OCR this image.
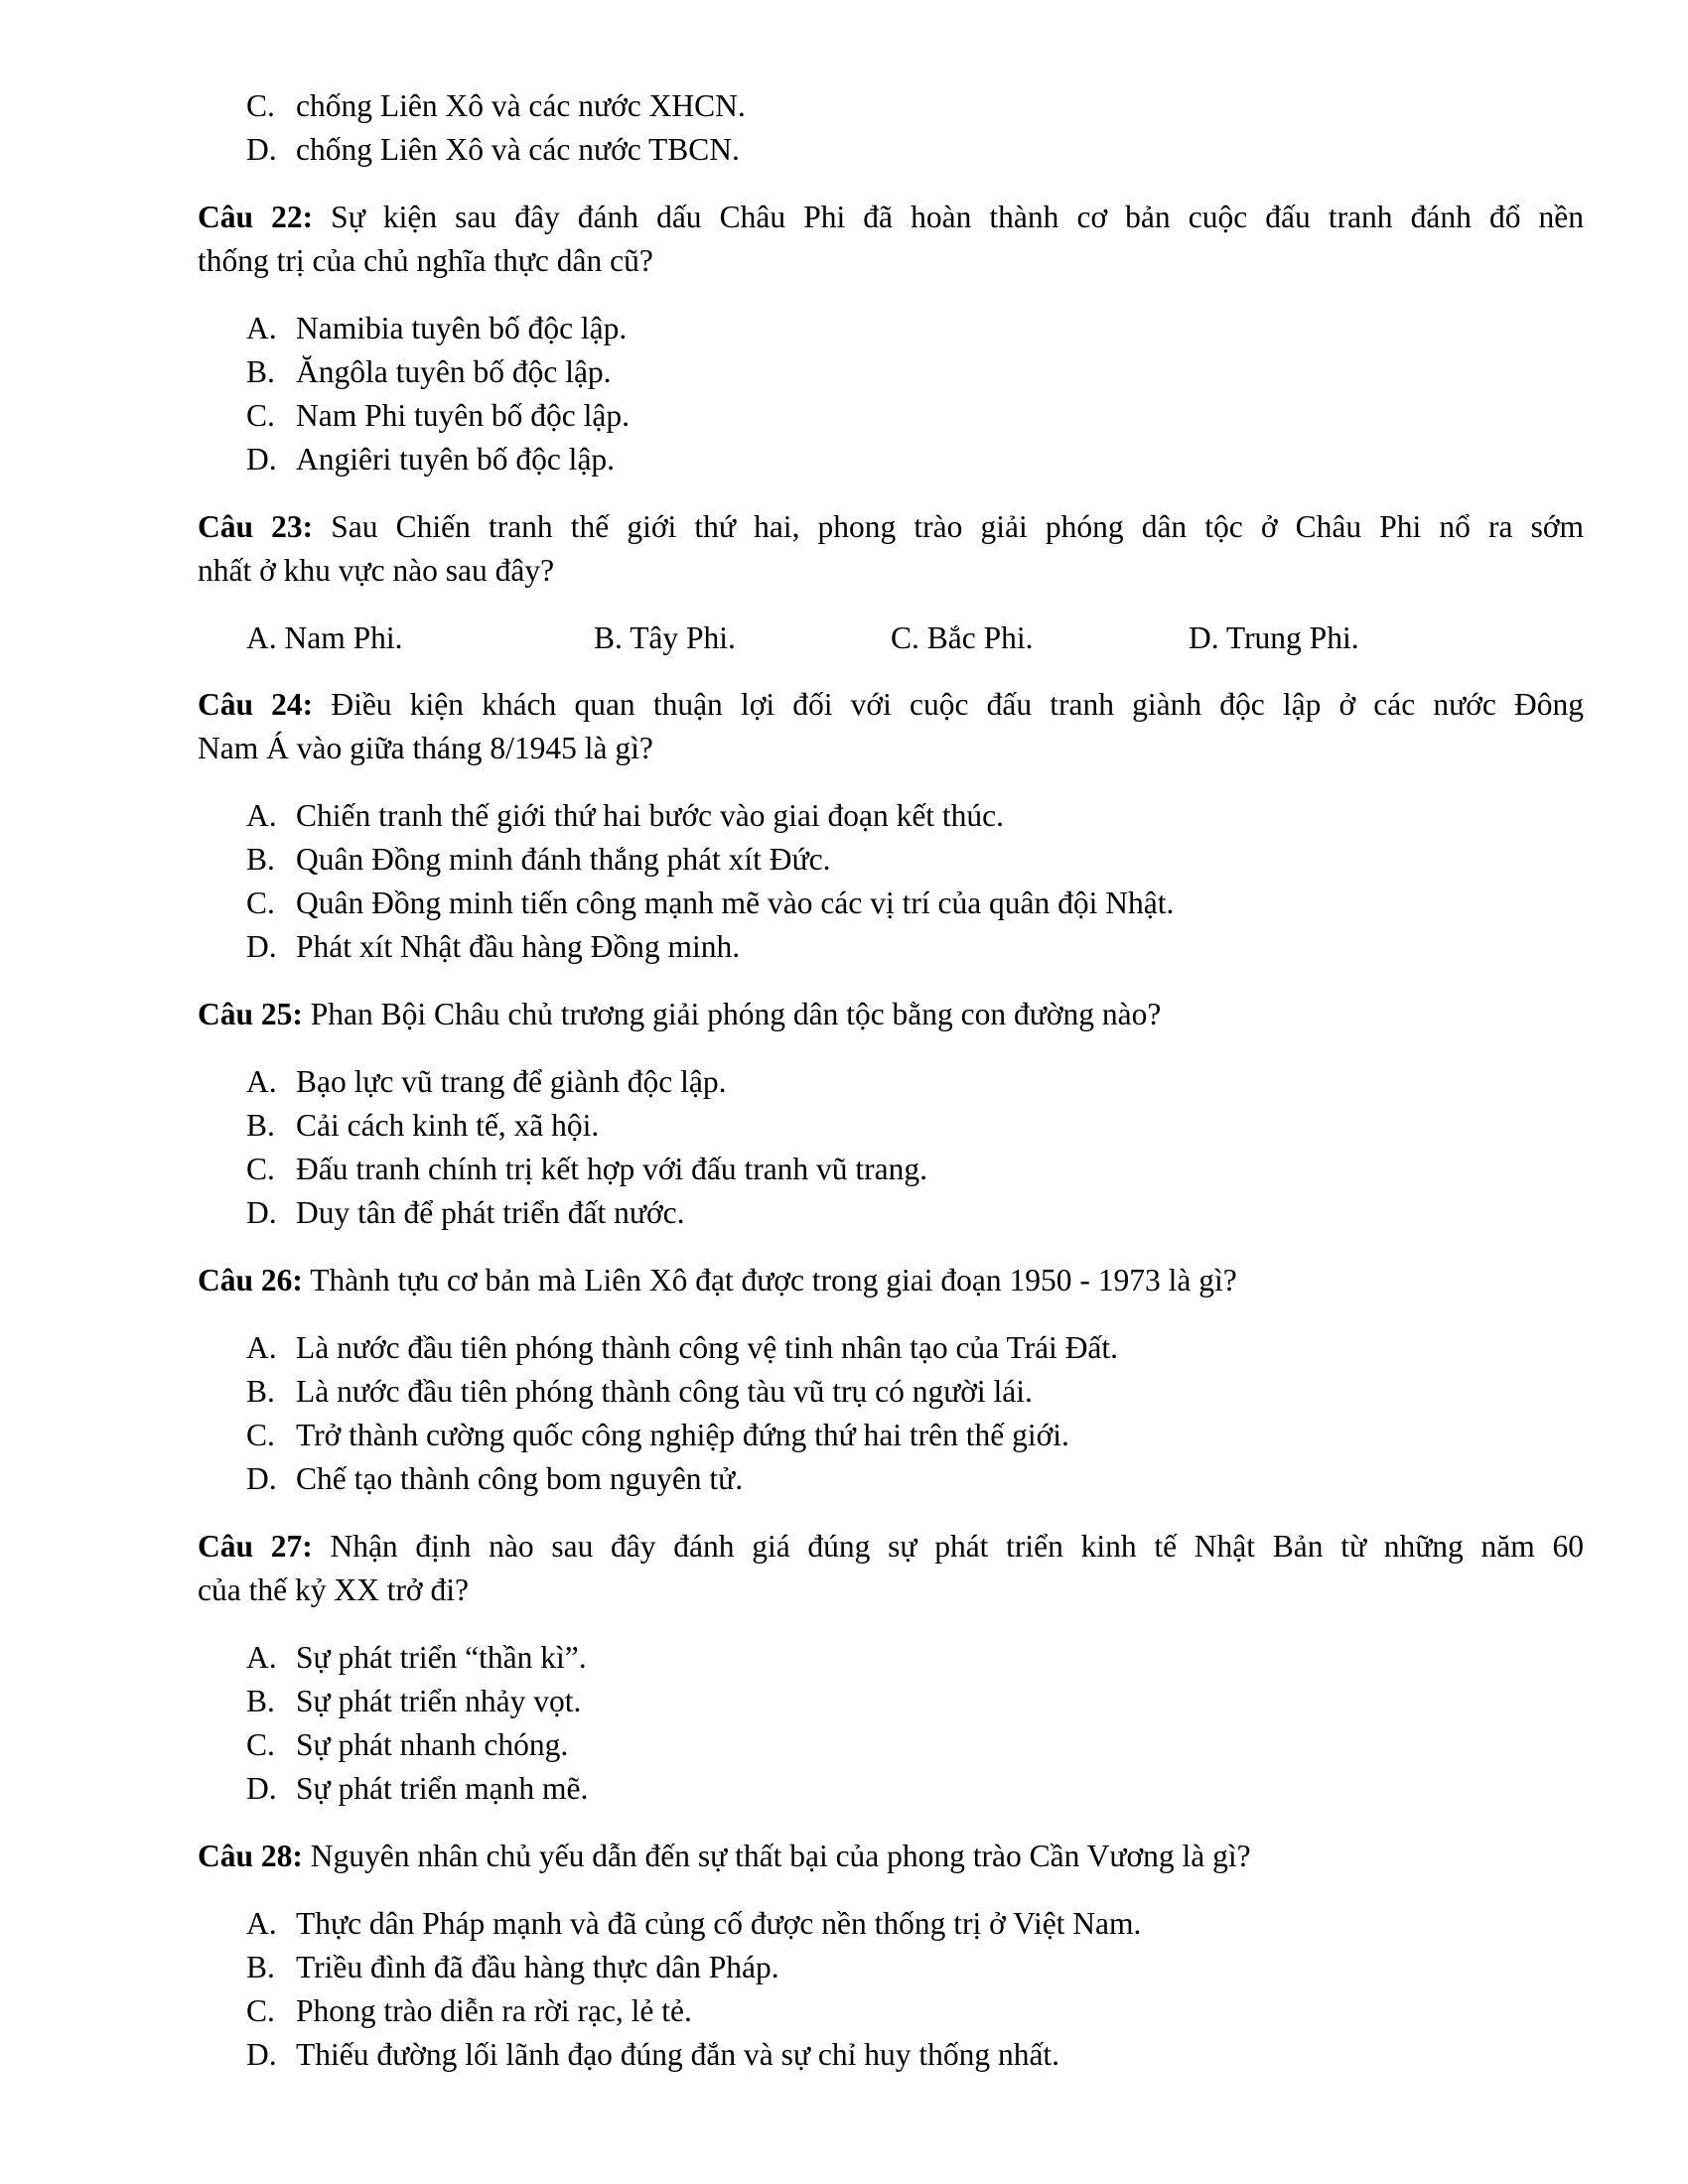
C. chống Liên Xô và các nước XHCN.
D. chống Liên Xô và các nước TBCN.
Câu 22: Sự kiện sau đây đánh dấu Châu Phi đã hoàn thành cơ bản cuộc đấu tranh đánh đổ nền
thống trị của chủ nghĩa thực dân cũ?
A. Namibia tuyên bố độc lập.
B. Ăngôla tuyên bố độc lập.
C. Nam Phi tuyên bố độc lập.
D. Angiêri tuyên bố độc lập.
Câu 23: Sau Chiến tranh thế giới thứ hai, phong trào giải phóng dân tộc ở Châu Phi nổ ra sớm
nhất ở khu vực nào sau đây?
A. Nam Phi.	B. Tây Phi.	C. Bắc Phi.	D. Trung Phi.
Câu 24: Điều kiện khách quan thuận lợi đối với cuộc đấu tranh giành độc lập ở các nước Đông
Nam Á vào giữa tháng 8/1945 là gì?
A. Chiến tranh thế giới thứ hai bước vào giai đoạn kết thúc.
B. Quân Đồng minh đánh thắng phát xít Đức.
C. Quân Đồng minh tiến công mạnh mẽ vào các vị trí của quân đội Nhật.
D. Phát xít Nhật đầu hàng Đồng minh.
Câu 25: Phan Bội Châu chủ trương giải phóng dân tộc bằng con đường nào?
A. Bạo lực vũ trang để giành độc lập.
B. Cải cách kinh tế, xã hội.
C. Đấu tranh chính trị kết hợp với đấu tranh vũ trang.
D. Duy tân để phát triển đất nước.
Câu 26: Thành tựu cơ bản mà Liên Xô đạt được trong giai đoạn 1950 - 1973 là gì?
A. Là nước đầu tiên phóng thành công vệ tinh nhân tạo của Trái Đất.
B. Là nước đầu tiên phóng thành công tàu vũ trụ có người lái.
C. Trở thành cường quốc công nghiệp đứng thứ hai trên thế giới.
D. Chế tạo thành công bom nguyên tử.
Câu 27: Nhận định nào sau đây đánh giá đúng sự phát triển kinh tế Nhật Bản từ những năm 60
của thế kỷ XX trở đi?
A. Sự phát triển “thần kì”.
B. Sự phát triển nhảy vọt.
C. Sự phát nhanh chóng.
D. Sự phát triển mạnh mẽ.
Câu 28: Nguyên nhân chủ yếu dẫn đến sự thất bại của phong trào Cần Vương là gì?
A. Thực dân Pháp mạnh và đã củng cố được nền thống trị ở Việt Nam.
B. Triều đình đã đầu hàng thực dân Pháp.
C. Phong trào diễn ra rời rạc, lẻ tẻ.
D. Thiếu đường lối lãnh đạo đúng đắn và sự chỉ huy thống nhất.
